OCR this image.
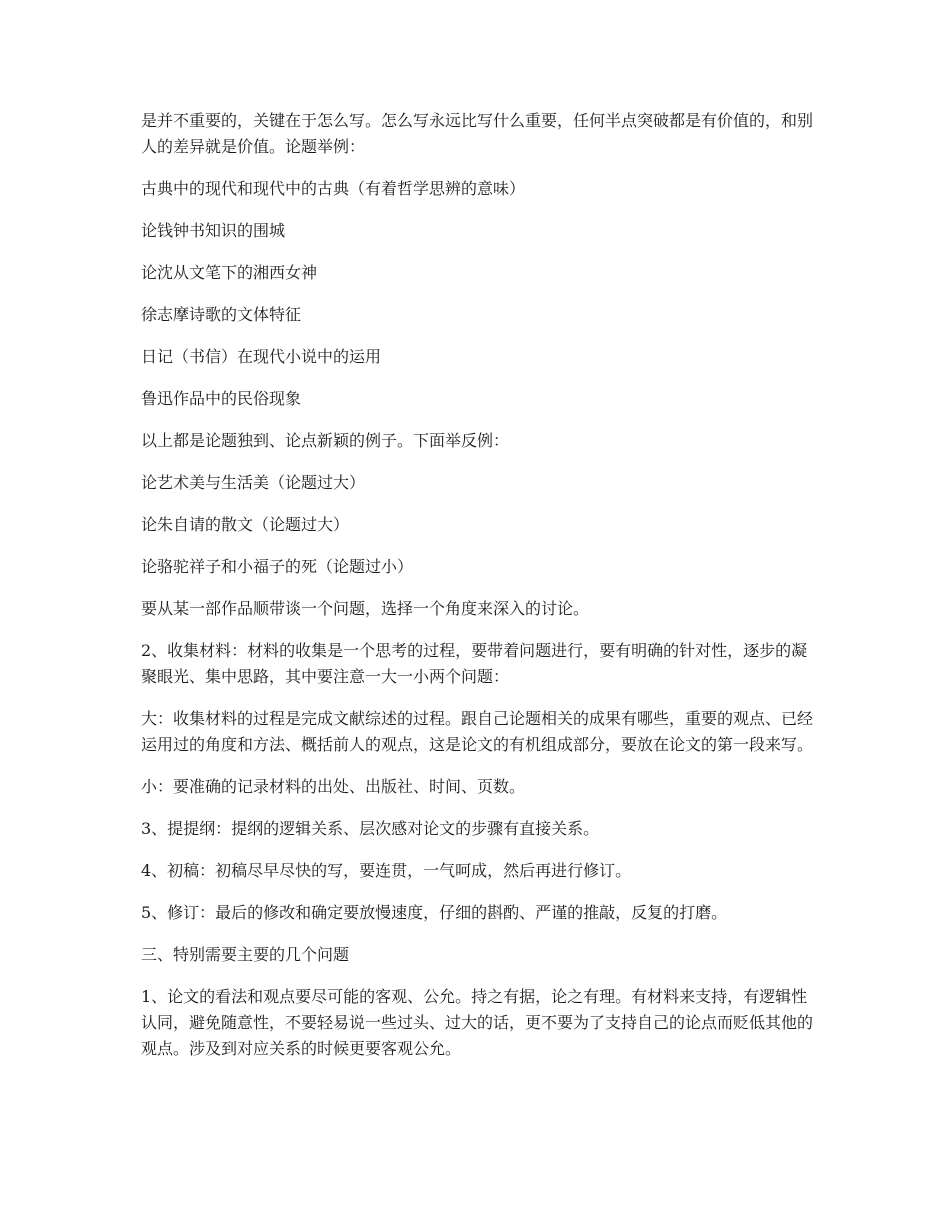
是并不重要的，关键在于怎么写。怎么写永远比写什么重要，任何半点突破都是有价值的，和别人的差异就是价值。论题举例：

古典中的现代和现代中的古典（有着哲学思辨的意味）

论钱钟书知识的围城

论沈从文笔下的湘西女神

徐志摩诗歌的文体特征

日记（书信）在现代小说中的运用

鲁迅作品中的民俗现象

以上都是论题独到、论点新颖的例子。下面举反例：

论艺术美与生活美（论题过大）

论朱自请的散文（论题过大）

论骆驼祥子和小福子的死（论题过小）

要从某一部作品顺带谈一个问题，选择一个角度来深入的讨论。

2、收集材料：材料的收集是一个思考的过程，要带着问题进行，要有明确的针对性，逐步的凝聚眼光、集中思路，其中要注意一大一小两个问题：

大：收集材料的过程是完成文献综述的过程。跟自己论题相关的成果有哪些，重要的观点、已经运用过的角度和方法、概括前人的观点，这是论文的有机组成部分，要放在论文的第一段来写。

小：要准确的记录材料的出处、出版社、时间、页数。

3、提提纲：提纲的逻辑关系、层次感对论文的步骤有直接关系。

4、初稿：初稿尽早尽快的写，要连贯，一气呵成，然后再进行修订。

5、修订：最后的修改和确定要放慢速度，仔细的斟酌、严谨的推敲，反复的打磨。

三、特别需要主要的几个问题

1、论文的看法和观点要尽可能的客观、公允。持之有据，论之有理。有材料来支持，有逻辑性认同，避免随意性，不要轻易说一些过头、过大的话，更不要为了支持自己的论点而贬低其他的观点。涉及到对应关系的时候更要客观公允。
